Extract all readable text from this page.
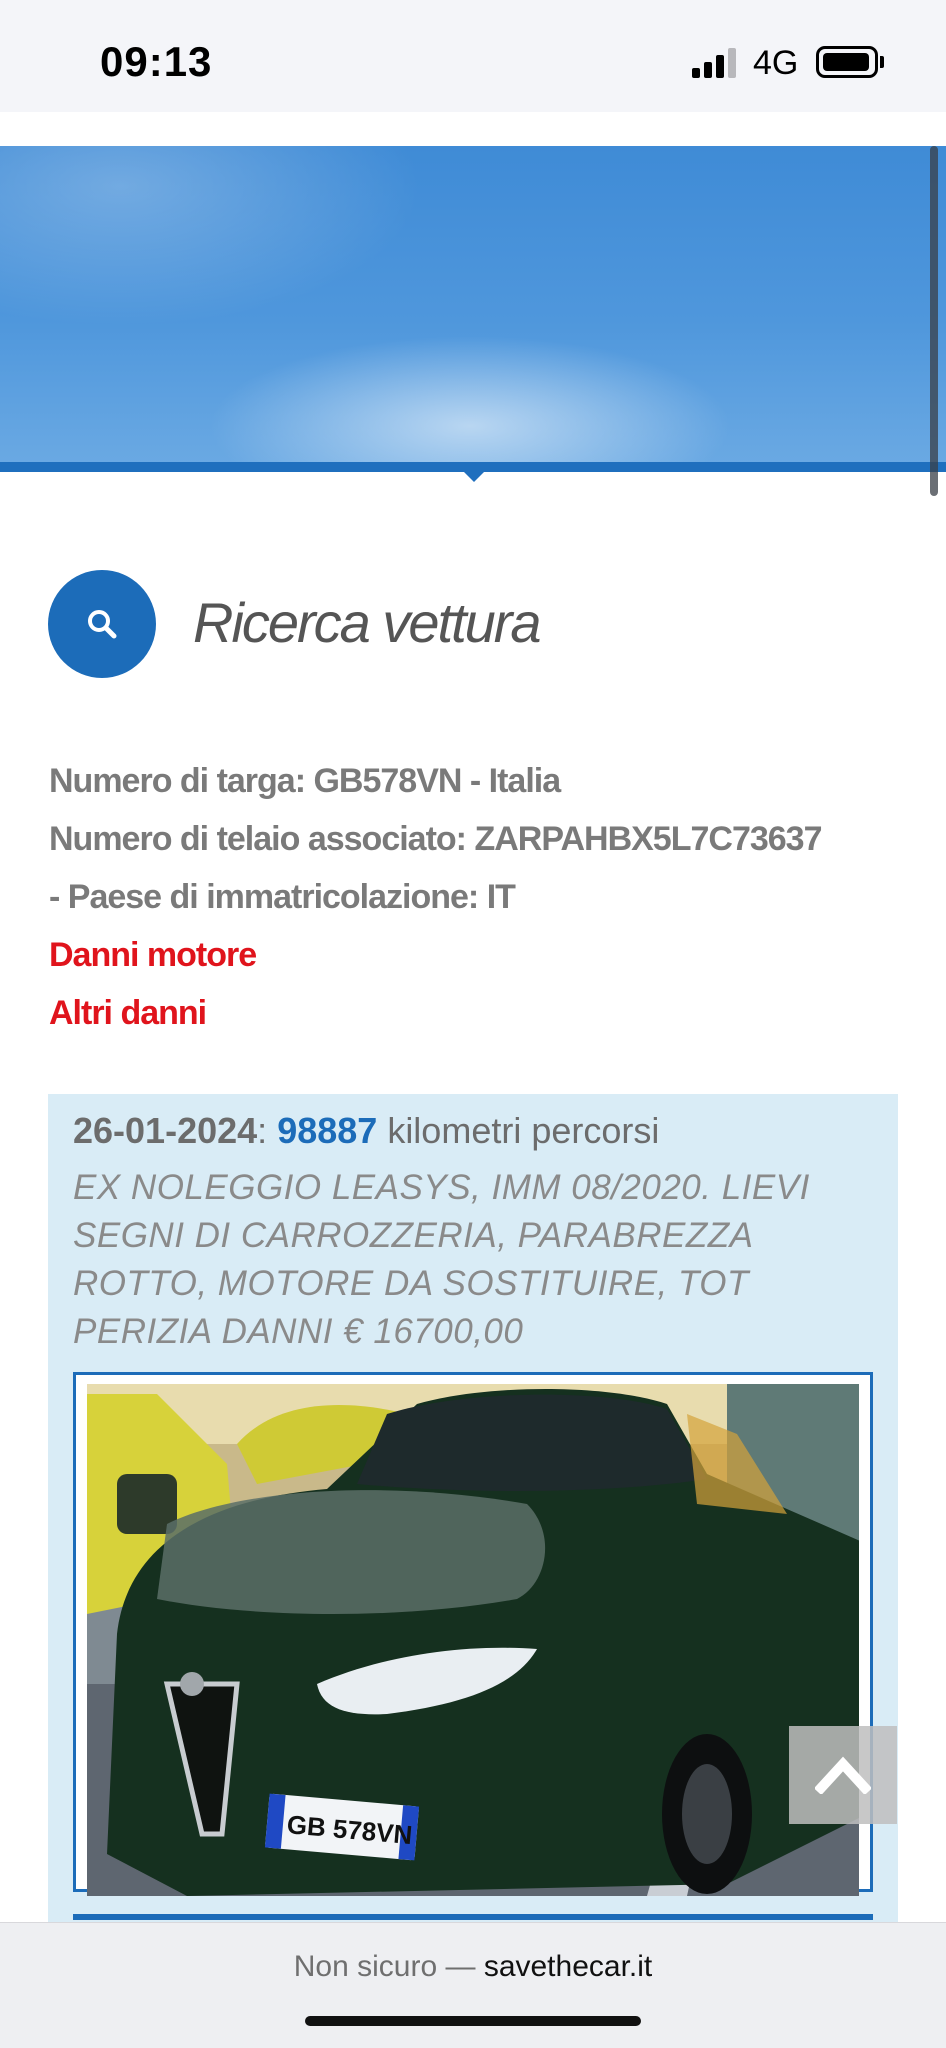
09:13	4G
Ricerca vettura
Numero di targa: GB578VN - Italia
Numero di telaio associato: ZARPAHBX5L7C73637
- Paese di immatricolazione: IT
Danni motore
Altri danni
26-01-2024: 98887 kilometri percorsi
EX NOLEGGIO LEASYS, IMM 08/2020. LIEVI SEGNI DI CARROZZERIA, PARABREZZA ROTTO, MOTORE DA SOSTITUIRE, TOT PERIZIA DANNI € 16700,00
GB 578VN
Non sicuro — savethecar.it
